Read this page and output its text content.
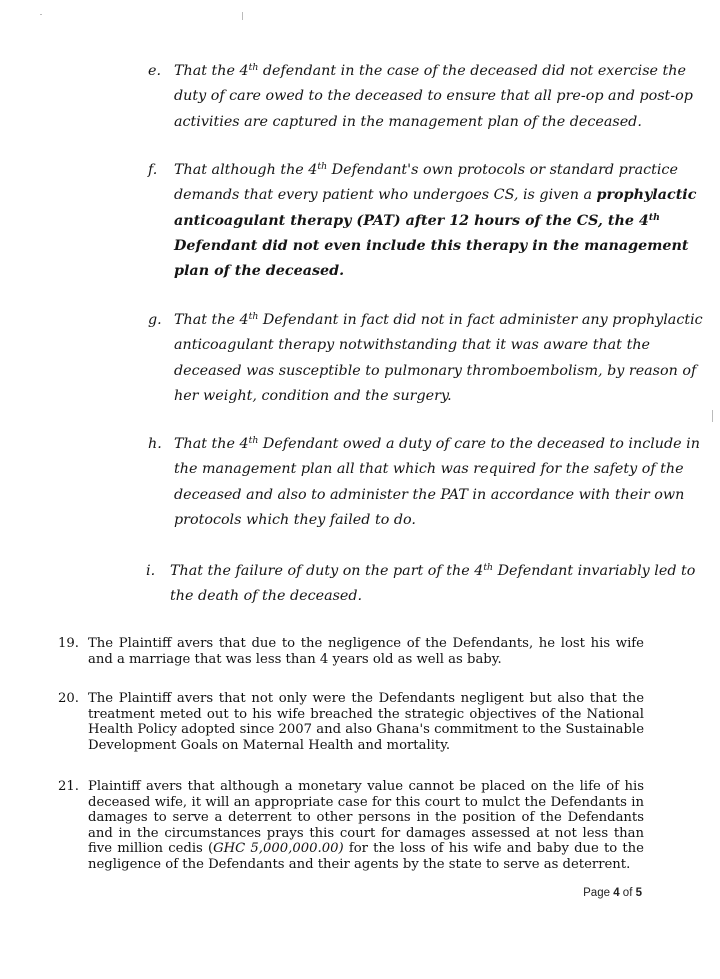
e. That the 4th defendant in the case of the deceased did not exercise the
duty of care owed to the deceased to ensure that all pre-op and post-op
activities are captured in the management plan of the deceased.
f. That although the 4th Defendant's own protocols or standard practice
demands that every patient who undergoes CS, is given a prophylactic
anticoagulant therapy (PAT) after 12 hours of the CS, the 4th
Defendant did not even include this therapy in the management
plan of the deceased.
g. That the 4th Defendant in fact did not in fact administer any prophylactic
anticoagulant therapy notwithstanding that it was aware that the
deceased was susceptible to pulmonary thromboembolism, by reason of
her weight, condition and the surgery.
h. That the 4th Defendant owed a duty of care to the deceased to include in
the management plan all that which was required for the safety of the
deceased and also to administer the PAT in accordance with their own
protocols which they failed to do.
i. That the failure of duty on the part of the 4th Defendant invariably led to
the death of the deceased.
19. The Plaintiff avers that due to the negligence of the Defendants, he lost his wife
and a marriage that was less than 4 years old as well as baby.
20. The Plaintiff avers that not only were the Defendants negligent but also that the
treatment meted out to his wife breached the strategic objectives of the National
Health Policy adopted since 2007 and also Ghana's commitment to the Sustainable
Development Goals on Maternal Health and mortality.
21. Plaintiff avers that although a monetary value cannot be placed on the life of his
deceased wife, it will an appropriate case for this court to mulct the Defendants in
damages to serve a deterrent to other persons in the position of the Defendants
and in the circumstances prays this court for damages assessed at not less than
five million cedis (GHC 5,000,000.00) for the loss of his wife and baby due to the
negligence of the Defendants and their agents by the state to serve as deterrent.
Page 4 of 5
